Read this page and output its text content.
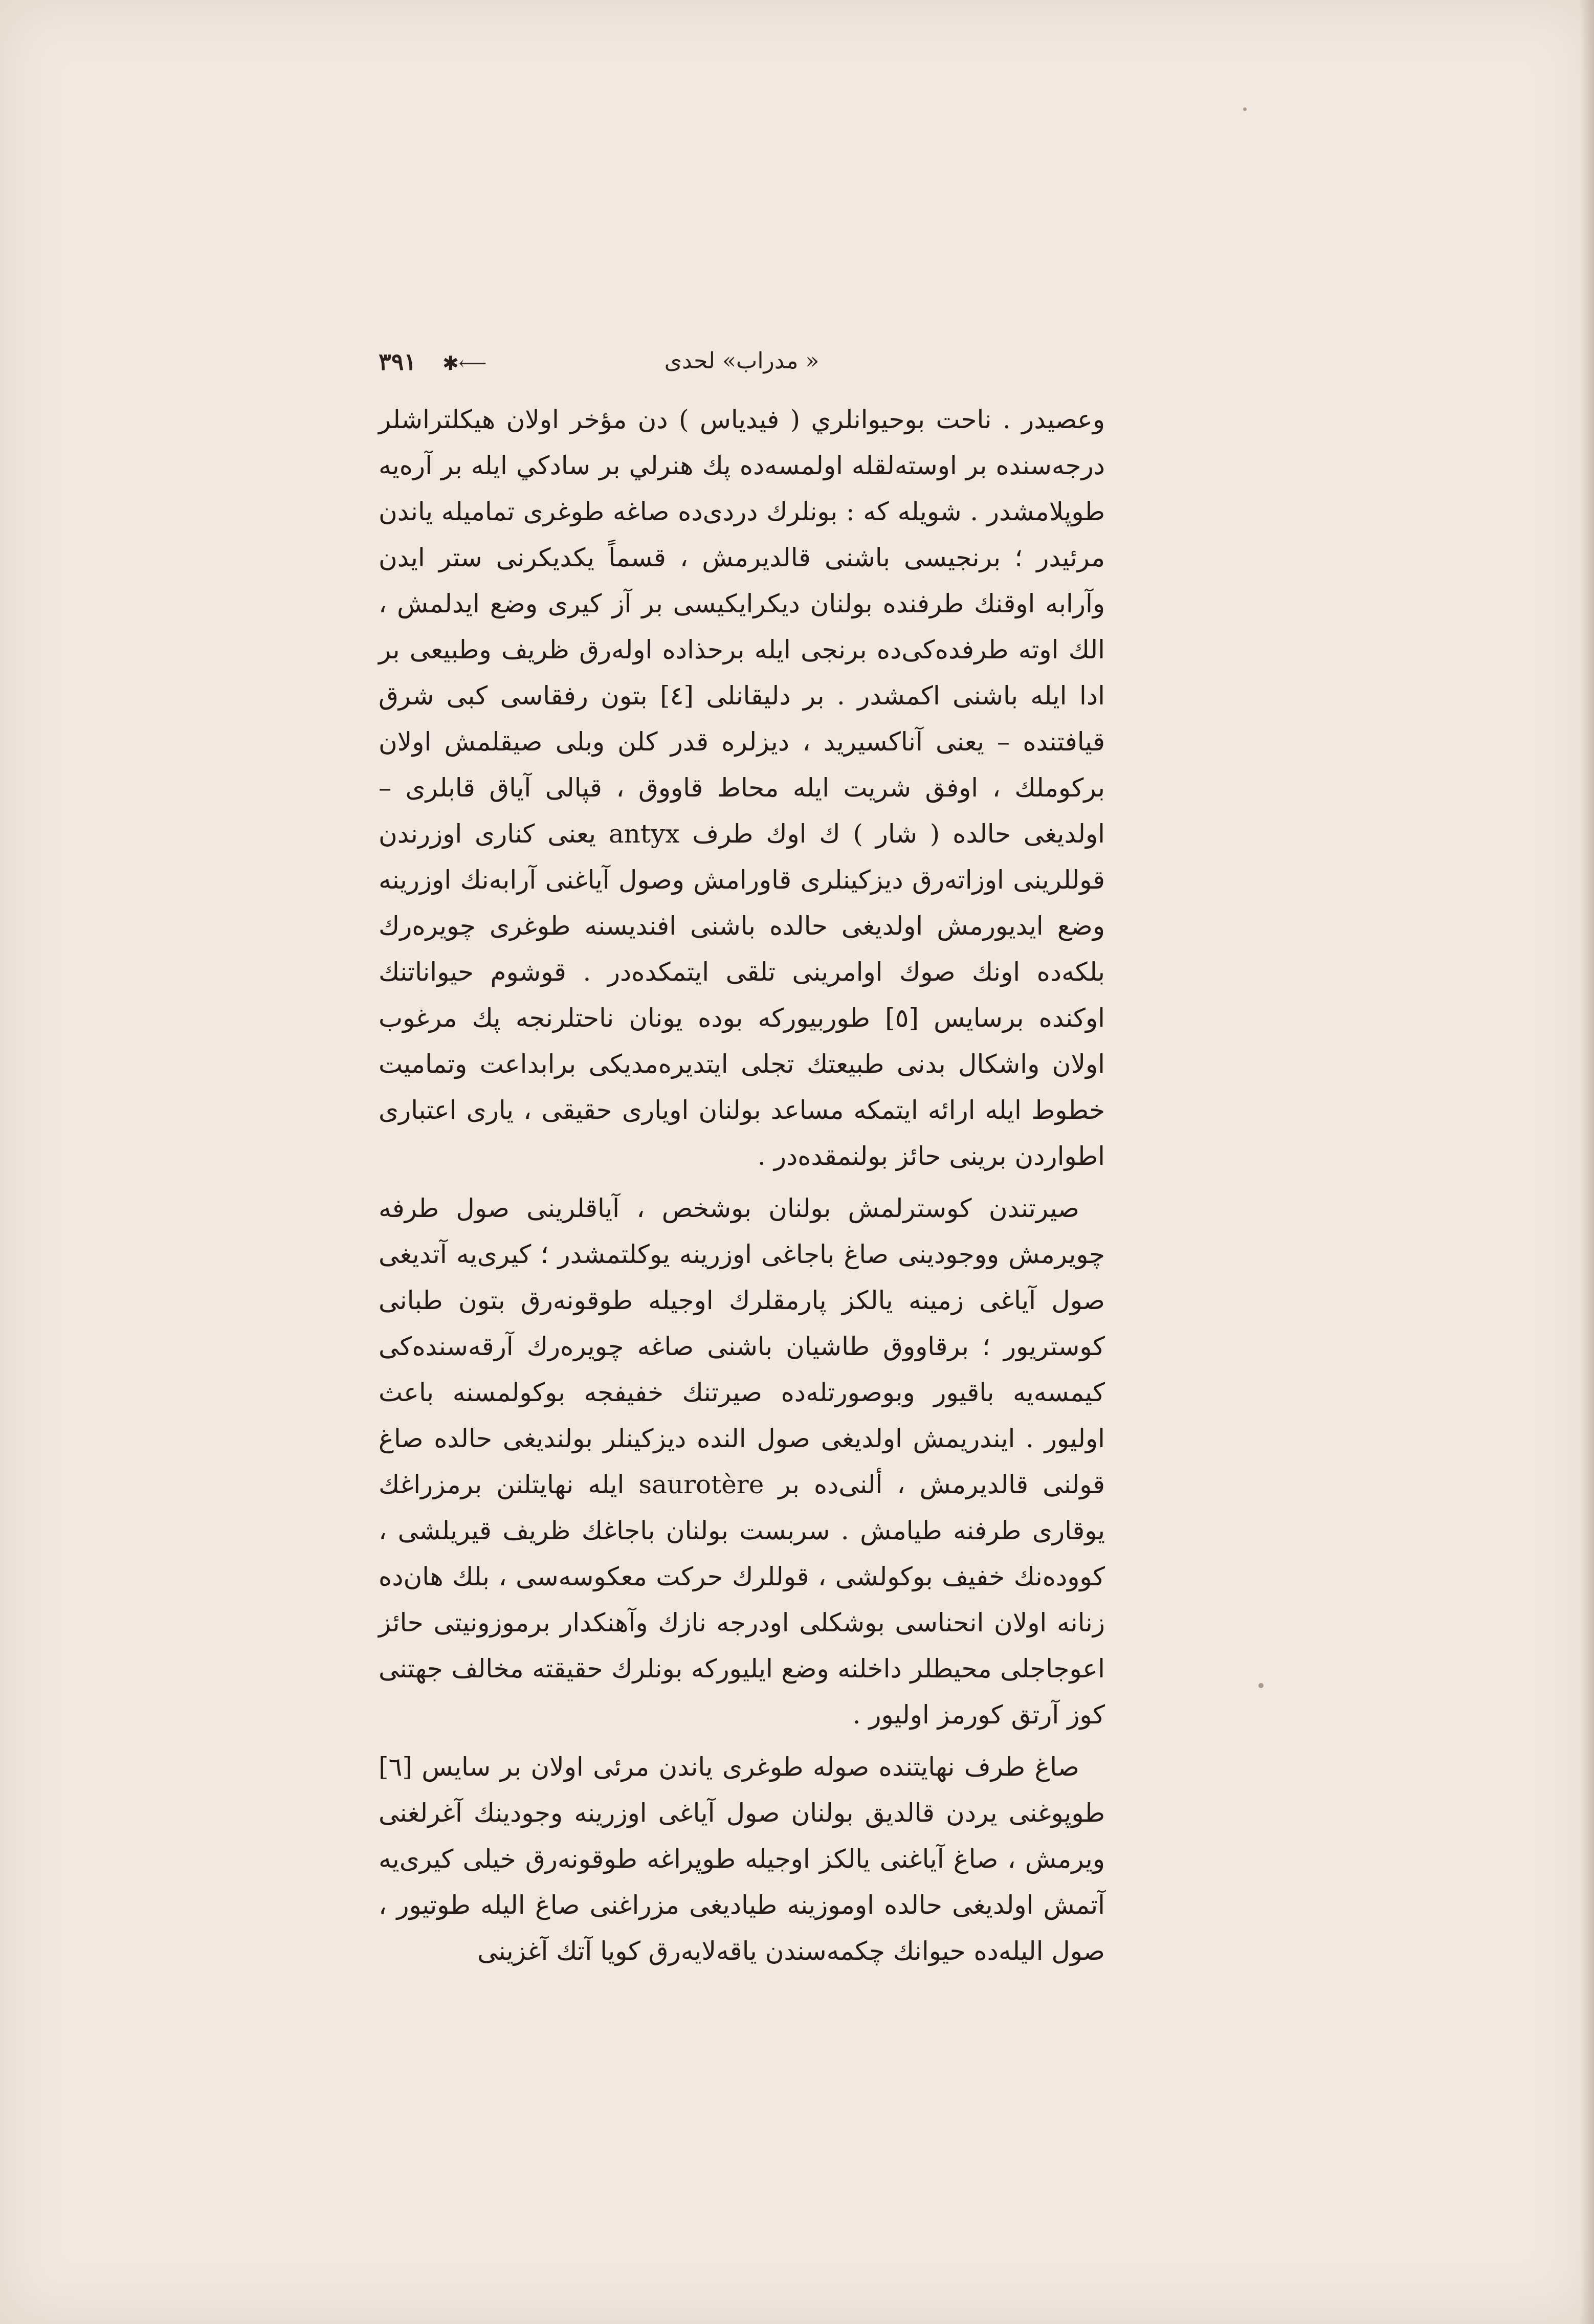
« مدراب» لحدی
٣٩١ ⟵✱

وعصيدر . ناحت بوحيوانلري ( فيدياس ) دن مؤخر اولان هيكلتراشلر درجه‌سنده بر اوسته‌لقله اولمسه‌ده پك هنرلي بر سادكي ايله بر آره‌يه طوپلامشدر . شويله كه : بونلرك دردی‌ده صاغه طوغری تماميله ياندن مرئيدر ؛ برنجيسی باشنی قالديرمش ، قسماً يكديكرنی ستر ايدن وآرابه اوقنك طرفنده بولنان ديكرايكيسی بر آز كيری وضع ايدلمش ، الك اوته طرفده‌كی‌ده برنجی ايله برحذاده اوله‌رق ظريف وطبيعی بر ادا ايله باشنی اكمشدر . بر دليقانلی [٤] بتون رفقاسی كبی شرق قيافتنده – يعنی آناكسيريد ، ديزلره قدر كلن وبلی صيقلمش اولان بركوملك ، اوفق شريت ايله محاط قاووق ، قپالی آياق قابلری – اولديغی حالده ( شار ) ك اوك طرف antyx يعنی كناری اوزرندن قوللرينی اوزاته‌رق ديزكينلری قاورامش وصول آياغنی آرابه‌نك اوزرينه وضع ايديورمش اولديغی حالده باشنی افنديسنه طوغری چويره‌رك بلكه‌ده اونك صوك اوامرينی تلقی ايتمكده‌در . قوشوم حيواناتنك اوكنده برسايس [٥] طوربيوركه بوده يونان ناحتلرنجه پك مرغوب اولان واشكال بدنی طبيعتك تجلی ايتديره‌مديكی برابداعت وتماميت خطوط ايله ارائه ايتمكه مساعد بولنان اوياری حقيقی ، ياری اعتباری اطواردن برينی حائز بولنمقده‌در .

صيرتندن كوسترلمش بولنان بوشخص ، آياقلرينی صول طرفه چويرمش ووجودينی صاغ باجاغی اوزرينه يوكلتمشدر ؛ كيری‌يه آتديغی صول آياغی زمينه يالكز پارمقلرك اوجيله طوقونه‌رق بتون طبانی كوستريور ؛ برقاووق طاشيان باشنی صاغه چويره‌رك آرقه‌سنده‌كی كيمسه‌يه باقيور وبوصورتله‌ده صيرتنك خفيفجه بوكولمسنه باعث اوليور . ايندريمش اولديغی صول النده ديزكينلر بولنديغی حالده صاغ قولنی قالديرمش ، ألنی‌ده بر saurotère ايله نهايتلنن برمزراغك يوقاری طرفنه طيامش . سربست بولنان باجاغك ظريف قيريلشی ، كووده‌نك خفيف بوكولشی ، قوللرك حركت معكوسه‌سی ، بلك هان‌ده زنانه اولان انحناسی بوشكلی اودرجه نازك وآهنكدار برموزونيتی حائز اعوجاجلی محيطلر داخلنه وضع ايليوركه بونلرك حقيقته مخالف جهتنی كوز آرتق كورمز اوليور .

صاغ طرف نهايتنده صوله طوغری ياندن مرئی اولان بر سايس [٦] طوپوغنی يردن قالديق بولنان صول آياغی اوزرينه وجودينك آغرلغنی ويرمش ، صاغ آياغنی يالكز اوجيله طوپراغه طوقونه‌رق خيلی كيری‌يه آتمش اولديغی حالده اوموزينه طياديغی مزراغنی صاغ اليله طوتيور ، صول اليله‌ده حيوانك چكمه‌سندن ياقه‌لايه‌رق كويا آتك آغزينی
